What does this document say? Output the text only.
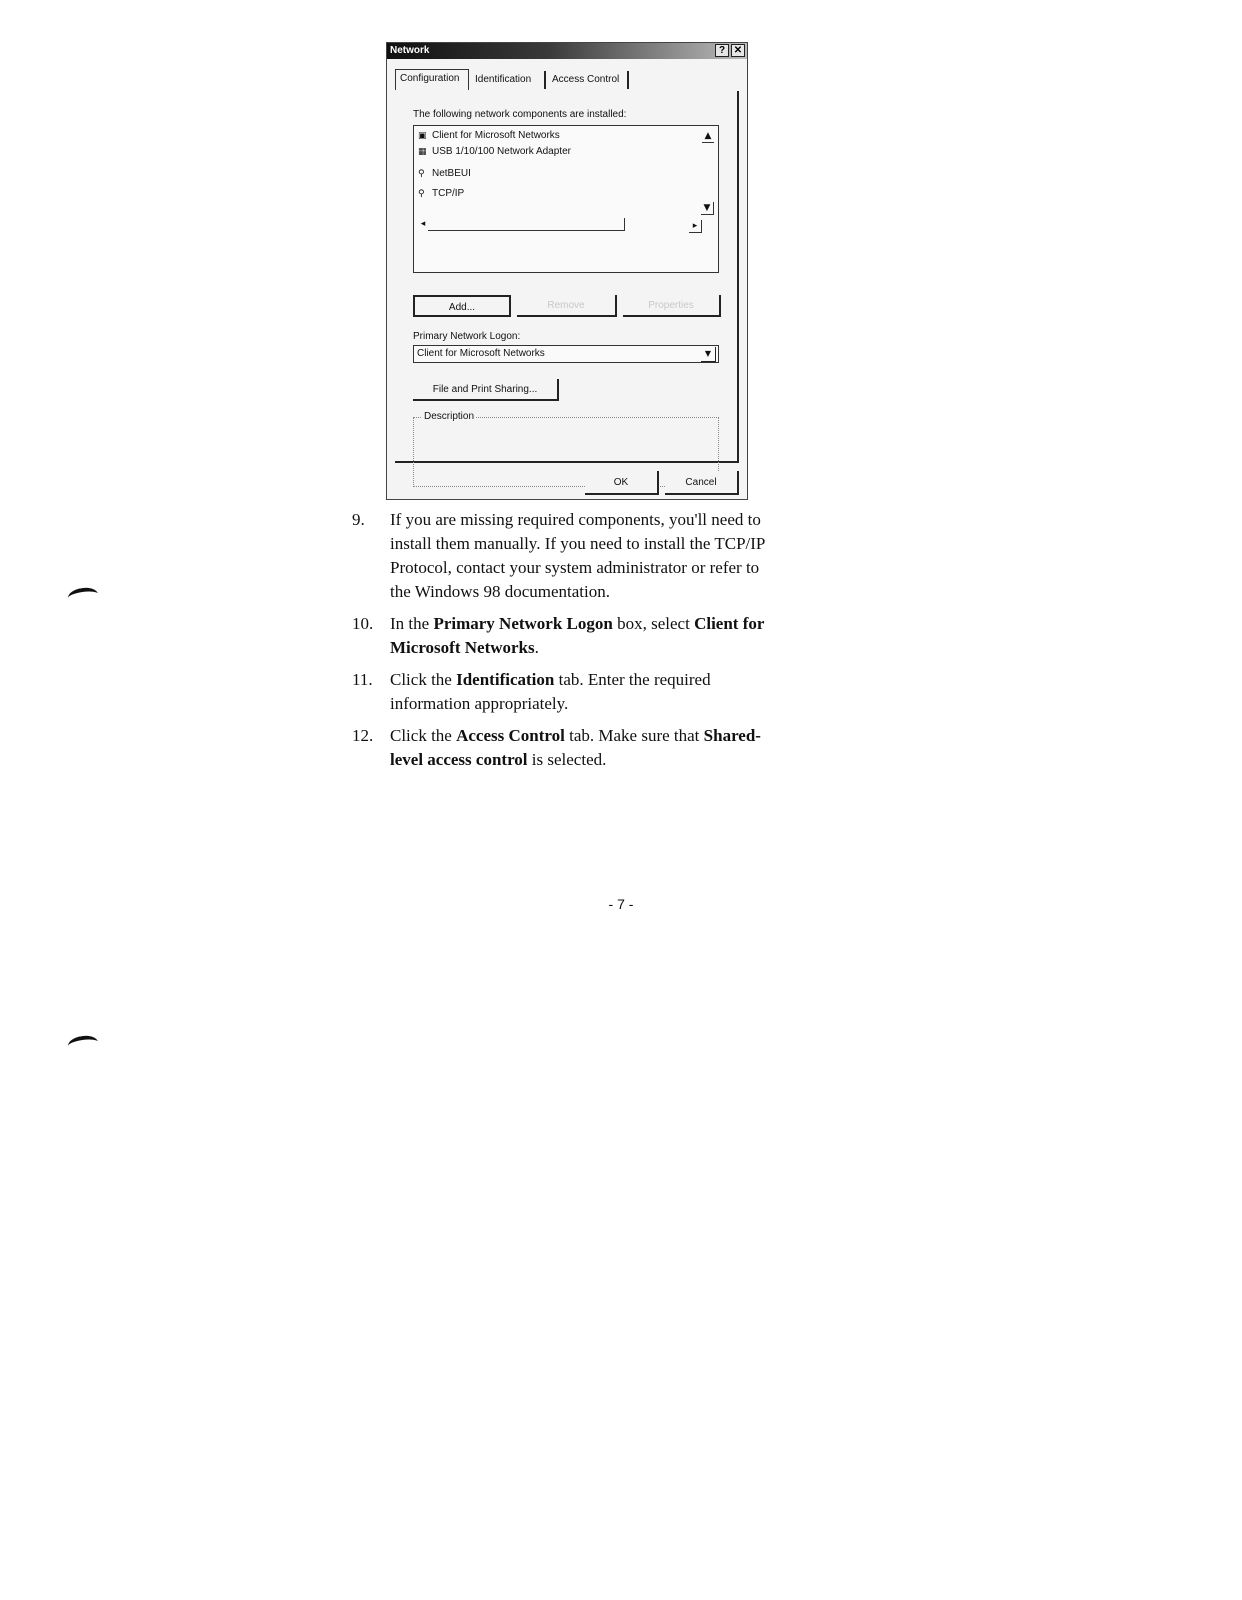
Network	? ✕
Configuration	Identification	Access Control
The following network components are installed:
▣ Client for Microsoft Networks
▦ USB 1/10/100 Network Adapter
⚲ NetBEUI
⚲ TCP/IP
▲
▼
◂	▸
Add...	Remove	Properties
Primary Network Logon:
Client for Microsoft Networks	▼
File and Print Sharing...
Description
OK	Cancel
9. If you are missing required components, you'll need to install them manually. If you need to install the TCP/IP Protocol, contact your system administrator or refer to the Windows 98 documentation.
10. In the Primary Network Logon box, select Client for Microsoft Networks.
11. Click the Identification tab. Enter the required information appropriately.
12. Click the Access Control tab. Make sure that Shared-level access control is selected.
- 7 -
